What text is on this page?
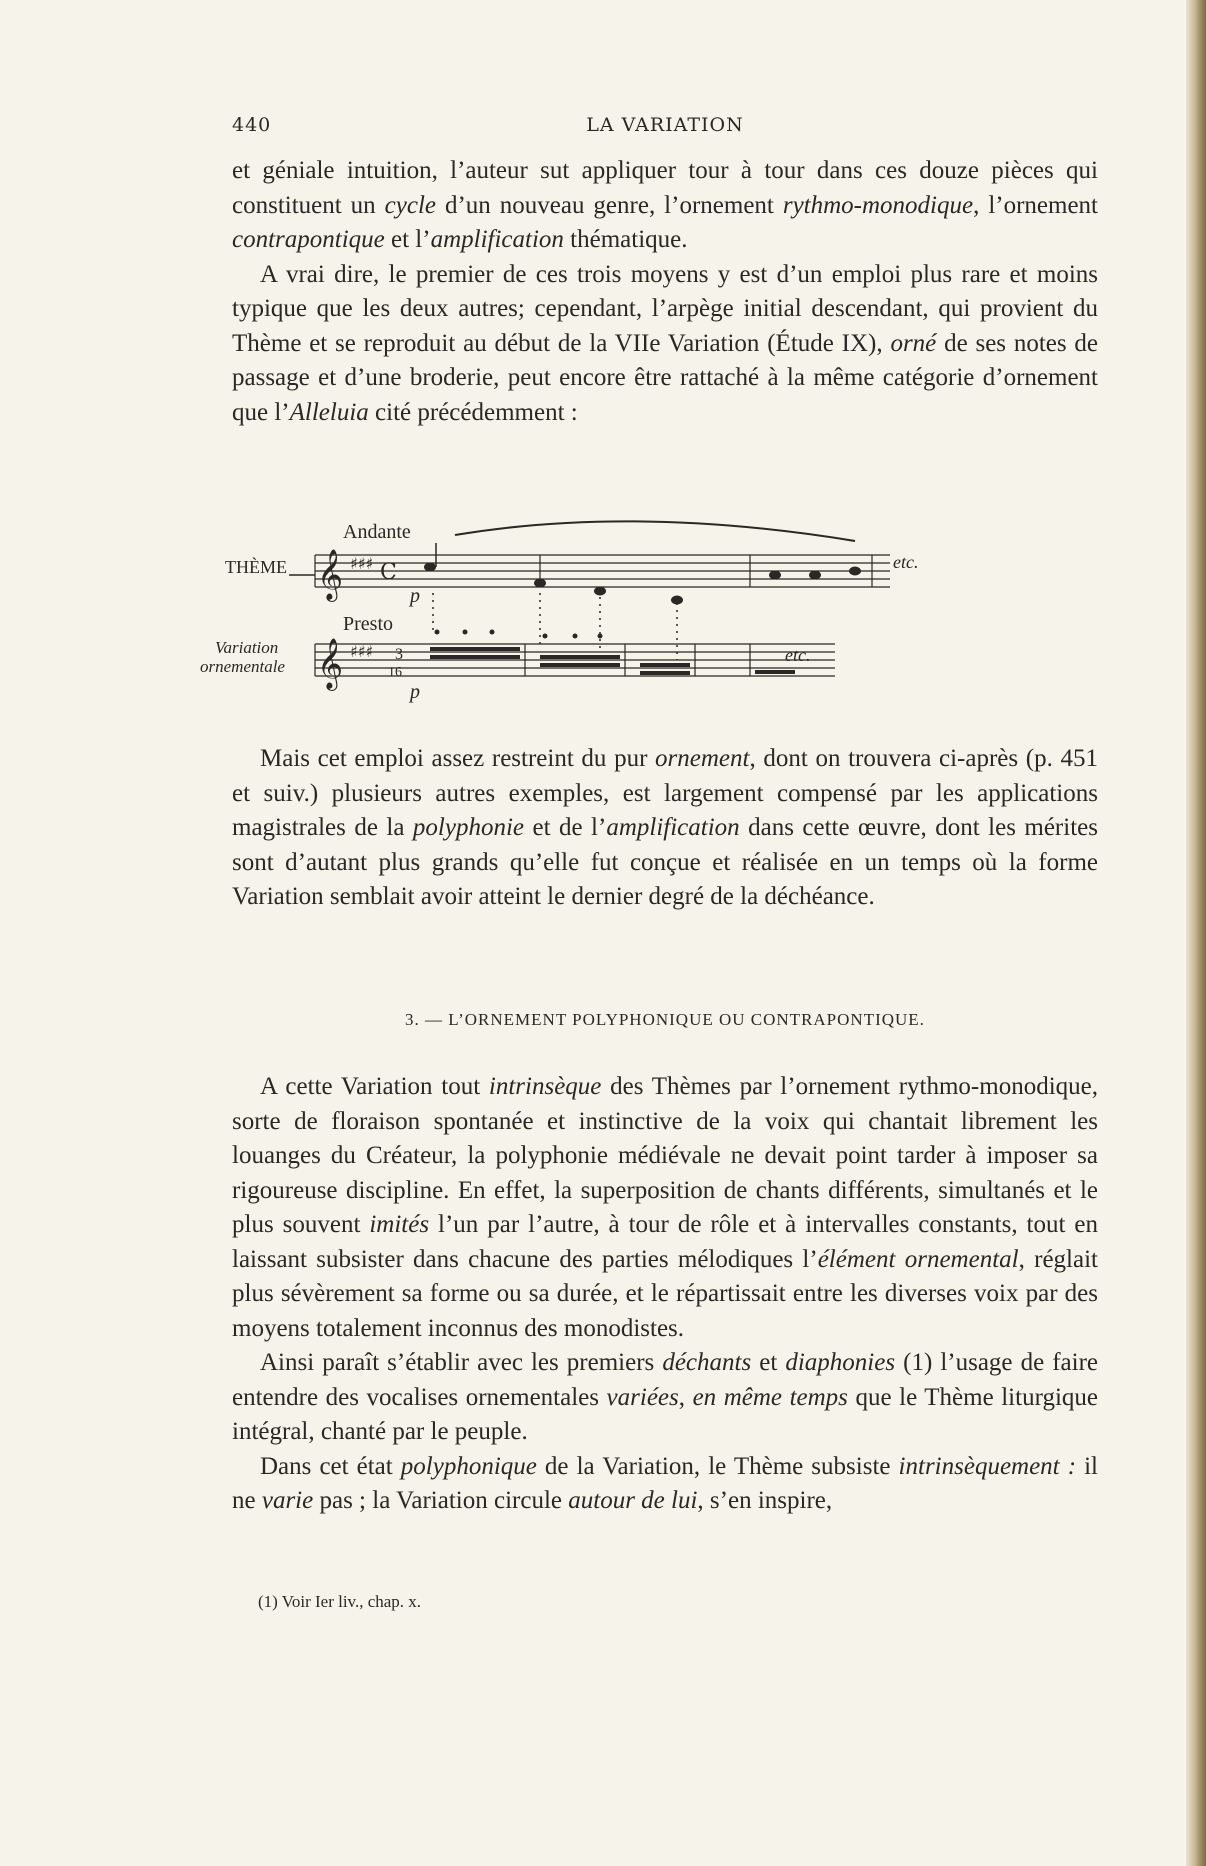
440	LA VARIATION

et géniale intuition, l’auteur sut appliquer tour à tour dans ces douze pièces qui constituent un cycle d’un nouveau genre, l’ornement rythmo-monodique, l’ornement contrapontique et l’amplification thématique.

A vrai dire, le premier de ces trois moyens y est d’un emploi plus rare et moins typique que les deux autres; cependant, l’arpège initial descendant, qui provient du Thème et se reproduit au début de la VIIe Variation (Étude IX), orné de ses notes de passage et d’une broderie, peut encore être rattaché à la même catégorie d’ornement que l’Alleluia cité précédemment :

Andante
THÈME 𝄞 ♯♯♯ C
p
etc.
Presto
Variation
ornementale 𝄞 ♯♯♯ 3
16
p
etc.

Mais cet emploi assez restreint du pur ornement, dont on trouvera ci-après (p. 451 et suiv.) plusieurs autres exemples, est largement compensé par les applications magistrales de la polyphonie et de l’amplification dans cette œuvre, dont les mérites sont d’autant plus grands qu’elle fut conçue et réalisée en un temps où la forme Variation semblait avoir atteint le dernier degré de la déchéance.

3. — L’ORNEMENT POLYPHONIQUE OU CONTRAPONTIQUE.

A cette Variation tout intrinsèque des Thèmes par l’ornement rythmo-monodique, sorte de floraison spontanée et instinctive de la voix qui chantait librement les louanges du Créateur, la polyphonie médiévale ne devait point tarder à imposer sa rigoureuse discipline. En effet, la superposition de chants différents, simultanés et le plus souvent imités l’un par l’autre, à tour de rôle et à intervalles constants, tout en laissant subsister dans chacune des parties mélodiques l’élément ornemental, réglait plus sévèrement sa forme ou sa durée, et le répartissait entre les diverses voix par des moyens totalement inconnus des monodistes.

Ainsi paraît s’établir avec les premiers déchants et diaphonies (1) l’usage de faire entendre des vocalises ornementales variées, en même temps que le Thème liturgique intégral, chanté par le peuple.

Dans cet état polyphonique de la Variation, le Thème subsiste intrinsèquement : il ne varie pas ; la Variation circule autour de lui, s’en inspire,

(1) Voir Ier liv., chap. x.
